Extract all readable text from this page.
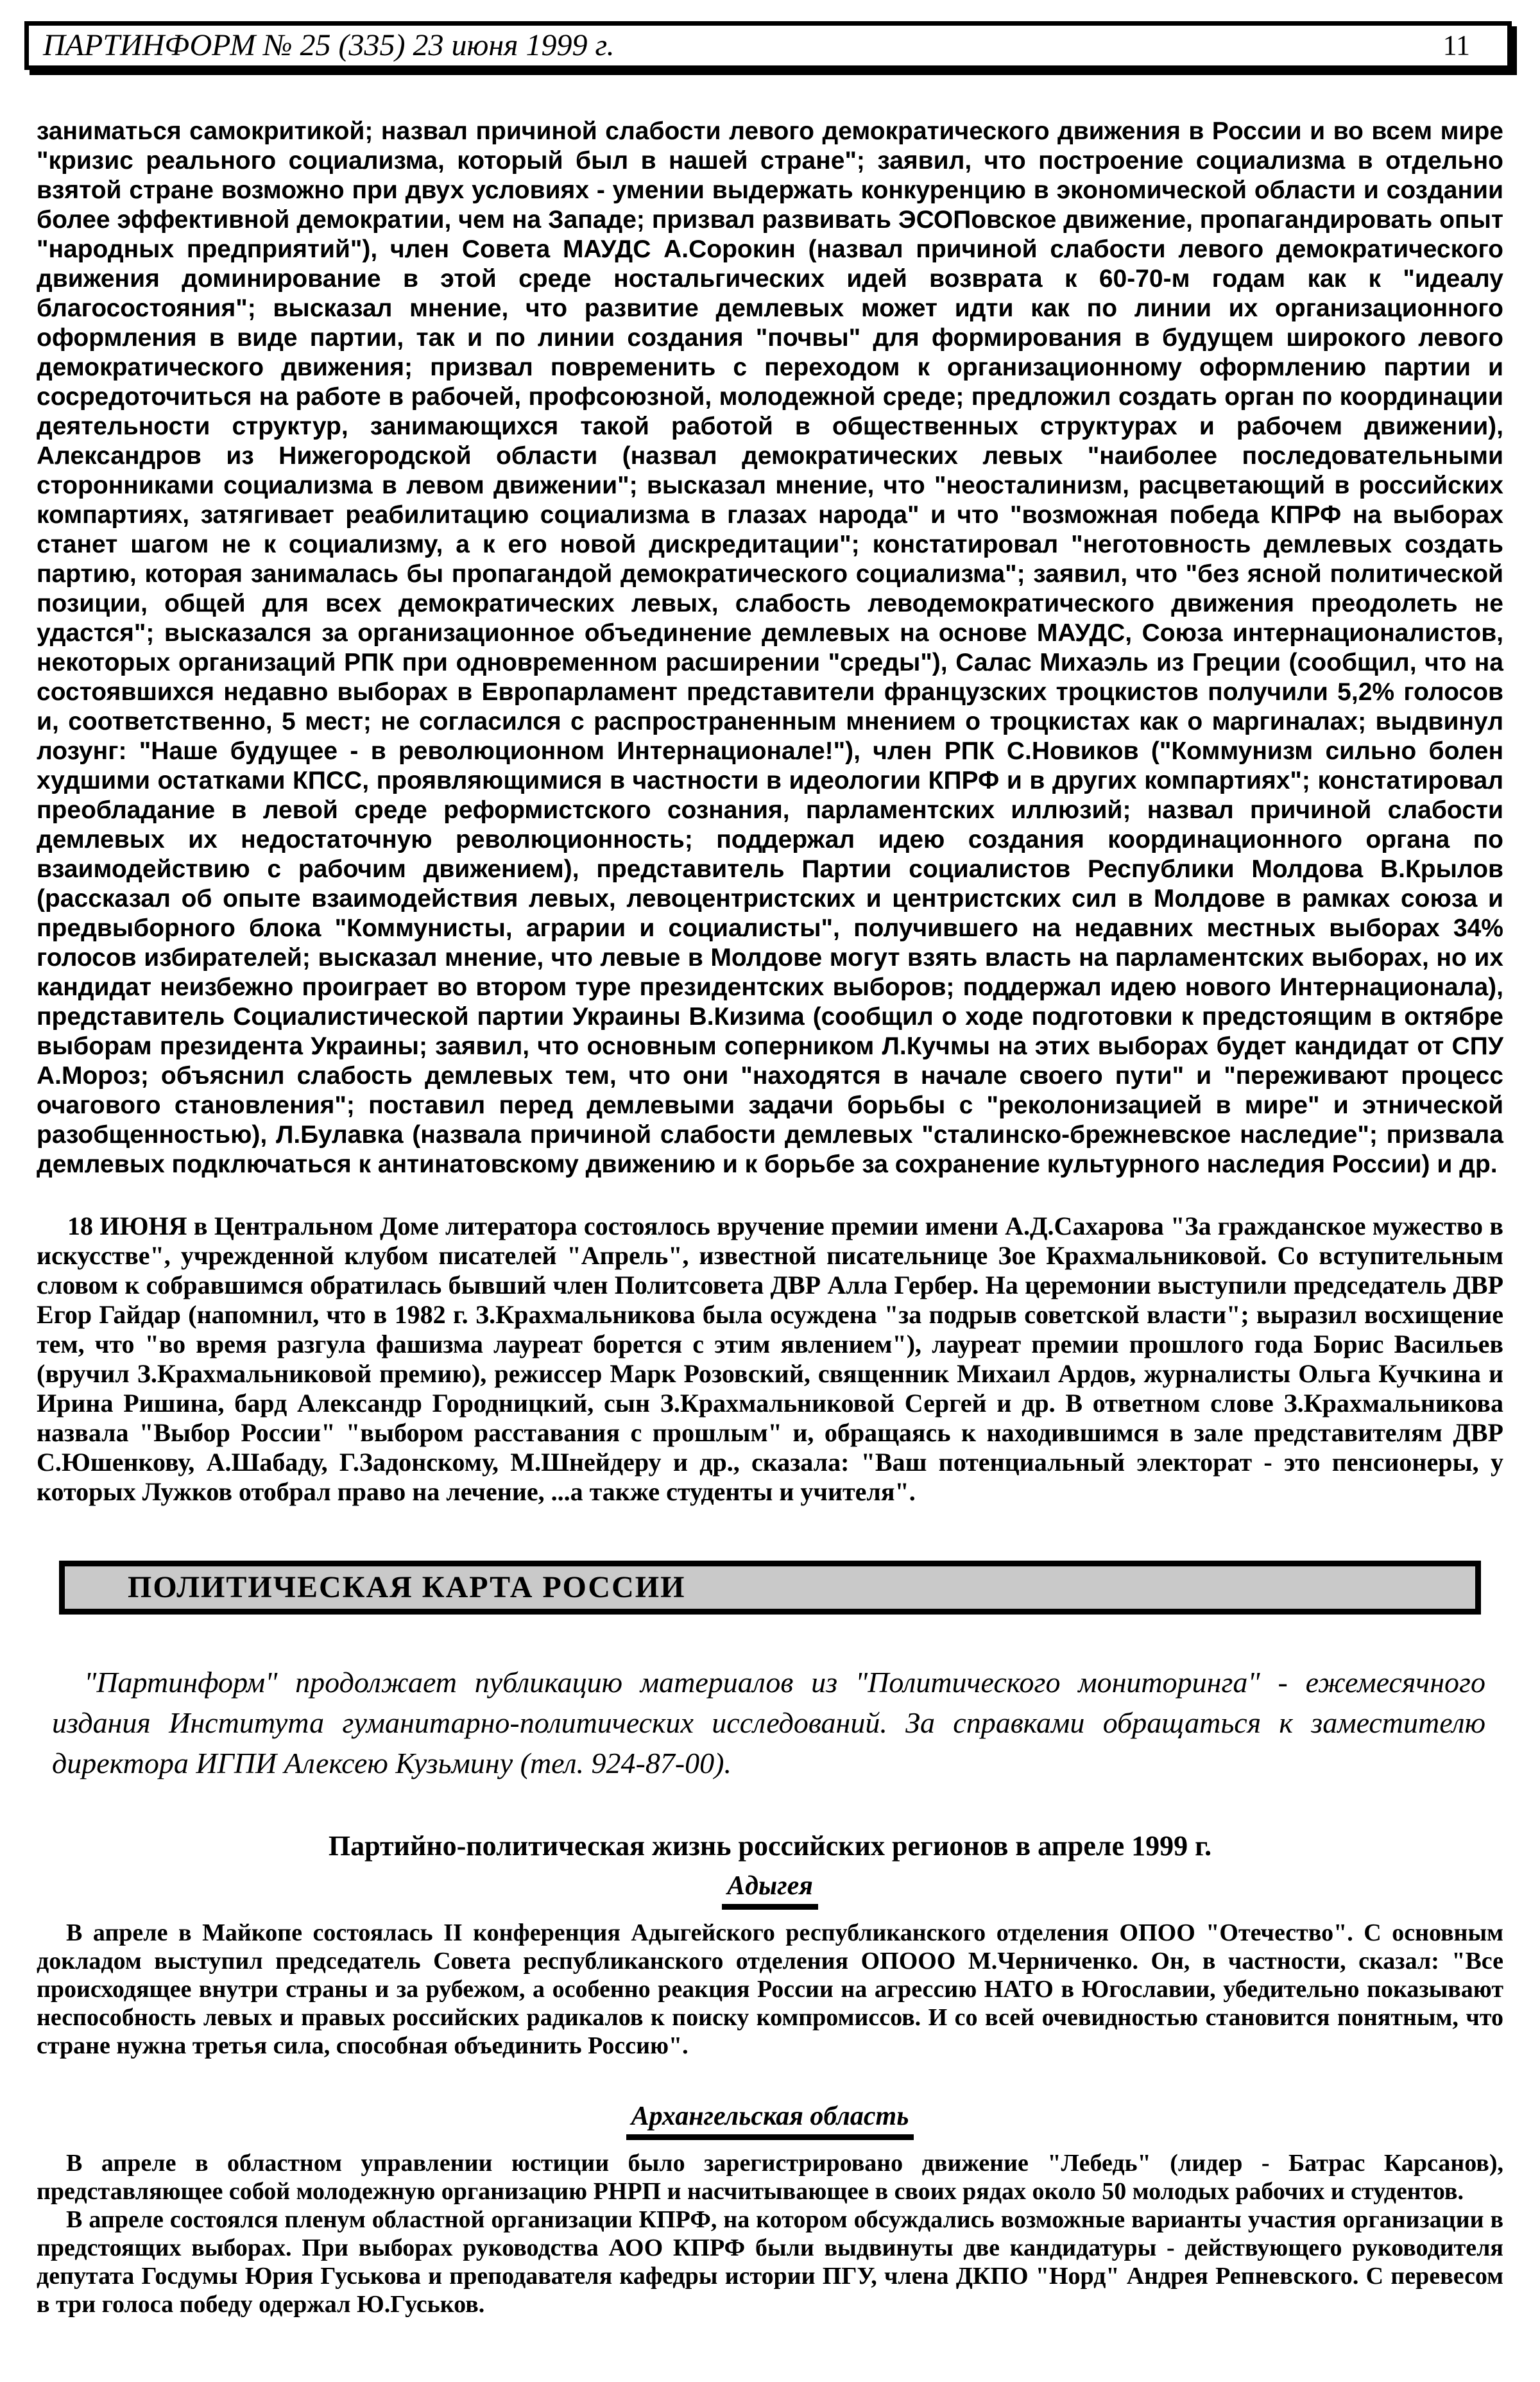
ПАРТИНФОРМ № 25 (335) 23 июня 1999 г.	11

заниматься самокритикой; назвал причиной слабости левого демократического движения в России и во всем мире "кризис реального социализма, который был в нашей стране"; заявил, что построение социализма в отдельно взятой стране возможно при двух условиях - умении выдержать конкуренцию в экономической области и создании более эффективной демократии, чем на Западе; призвал развивать ЭСОПовское движение, пропагандировать опыт "народных предприятий"), член Совета МАУДС А.Сорокин (назвал причиной слабости левого демократического движения доминирование в этой среде ностальгических идей возврата к 60-70-м годам как к "идеалу благосостояния"; высказал мнение, что развитие демлевых может идти как по линии их организационного оформления в виде партии, так и по линии создания "почвы" для формирования в будущем широкого левого демократического движения; призвал повременить с переходом к организационному оформлению партии и сосредоточиться на работе в рабочей, профсоюзной, молодежной среде; предложил создать орган по координации деятельности структур, занимающихся такой работой в общественных структурах и рабочем движении), Александров из Нижегородской области (назвал демократических левых "наиболее последовательными сторонниками социализма в левом движении"; высказал мнение, что "неосталинизм, расцветающий в российских компартиях, затягивает реабилитацию социализма в глазах народа" и что "возможная победа КПРФ на выборах станет шагом не к социализму, а к его новой дискредитации"; констатировал "неготовность демлевых создать партию, которая занималась бы пропагандой демократического социализма"; заявил, что "без ясной политической позиции, общей для всех демократических левых, слабость леводемократического движения преодолеть не удастся"; высказался за организационное объединение демлевых на основе МАУДС, Союза интернационалистов, некоторых организаций РПК при одновременном расширении "среды"), Салас Михаэль из Греции (сообщил, что на состоявшихся недавно выборах в Европарламент представители французских троцкистов получили 5,2% голосов и, соответственно, 5 мест; не согласился с распространенным мнением о троцкистах как о маргиналах; выдвинул лозунг: "Наше будущее - в революционном Интернационале!"), член РПК С.Новиков ("Коммунизм сильно болен худшими остатками КПСС, проявляющимися в частности в идеологии КПРФ и в других компартиях"; констатировал преобладание в левой среде реформистского сознания, парламентских иллюзий; назвал причиной слабости демлевых их недостаточную революционность; поддержал идею создания координационного органа по взаимодействию с рабочим движением), представитель Партии социалистов Республики Молдова В.Крылов (рассказал об опыте взаимодействия левых, левоцентристских и центристских сил в Молдове в рамках союза и предвыборного блока "Коммунисты, аграрии и социалисты", получившего на недавних местных выборах 34% голосов избирателей; высказал мнение, что левые в Молдове могут взять власть на парламентских выборах, но их кандидат неизбежно проиграет во втором туре президентских выборов; поддержал идею нового Интернационала), представитель Социалистической партии Украины В.Кизима (сообщил о ходе подготовки к предстоящим в октябре выборам президента Украины; заявил, что основным соперником Л.Кучмы на этих выборах будет кандидат от СПУ А.Мороз; объяснил слабость демлевых тем, что они "находятся в начале своего пути" и "переживают процесс очагового становления"; поставил перед демлевыми задачи борьбы с "реколонизацией в мире" и этнической разобщенностью), Л.Булавка (назвала причиной слабости демлевых "сталинско-брежневское наследие"; призвала демлевых подключаться к антинатовскому движению и к борьбе за сохранение культурного наследия России) и др.

18 ИЮНЯ в Центральном Доме литератора состоялось вручение премии имени А.Д.Сахарова "За гражданское мужество в искусстве", учрежденной клубом писателей "Апрель", известной писательнице Зое Крахмальниковой. Со вступительным словом к собравшимся обратилась бывший член Политсовета ДВР Алла Гербер. На церемонии выступили председатель ДВР Егор Гайдар (напомнил, что в 1982 г. З.Крахмальникова была осуждена "за подрыв советской власти"; выразил восхищение тем, что "во время разгула фашизма лауреат борется с этим явлением"), лауреат премии прошлого года Борис Васильев (вручил З.Крахмальниковой премию), режиссер Марк Розовский, священник Михаил Ардов, журналисты Ольга Кучкина и Ирина Ришина, бард Александр Городницкий, сын З.Крахмальниковой Сергей и др. В ответном слове З.Крахмальникова назвала "Выбор России" "выбором расставания с прошлым" и, обращаясь к находившимся в зале представителям ДВР С.Юшенкову, А.Шабаду, Г.Задонскому, М.Шнейдеру и др., сказала: "Ваш потенциальный электорат - это пенсионеры, у которых Лужков отобрал право на лечение, ...а также студенты и учителя".

ПОЛИТИЧЕСКАЯ КАРТА РОССИИ

"Партинформ" продолжает публикацию материалов из "Политического мониторинга" - ежемесячного издания Института гуманитарно-политических исследований. За справками обращаться к заместителю директора ИГПИ Алексею Кузьмину (тел. 924-87-00).

Партийно-политическая жизнь российских регионов в апреле 1999 г.
Адыгея

В апреле в Майкопе состоялась II конференция Адыгейского республиканского отделения ОПОО "Отечество". С основным докладом выступил председатель Совета республиканского отделения ОПООО М.Черниченко. Он, в частности, сказал: "Все происходящее внутри страны и за рубежом, а особенно реакция России на агрессию НАТО в Югославии, убедительно показывают неспособность левых и правых российских радикалов к поиску компромиссов. И со всей очевидностью становится понятным, что стране нужна третья сила, способная объединить Россию".

Архангельская область

В апреле в областном управлении юстиции было зарегистрировано движение "Лебедь" (лидер - Батрас Карсанов), представляющее собой молодежную организацию РНРП и насчитывающее в своих рядах около 50 молодых рабочих и студентов.

В апреле состоялся пленум областной организации КПРФ, на котором обсуждались возможные варианты участия организации в предстоящих выборах. При выборах руководства АОО КПРФ были выдвинуты две кандидатуры - действующего руководителя депутата Госдумы Юрия Гуськова и преподавателя кафедры истории ПГУ, члена ДКПО "Норд" Андрея Репневского. С перевесом в три голоса победу одержал Ю.Гуськов.
